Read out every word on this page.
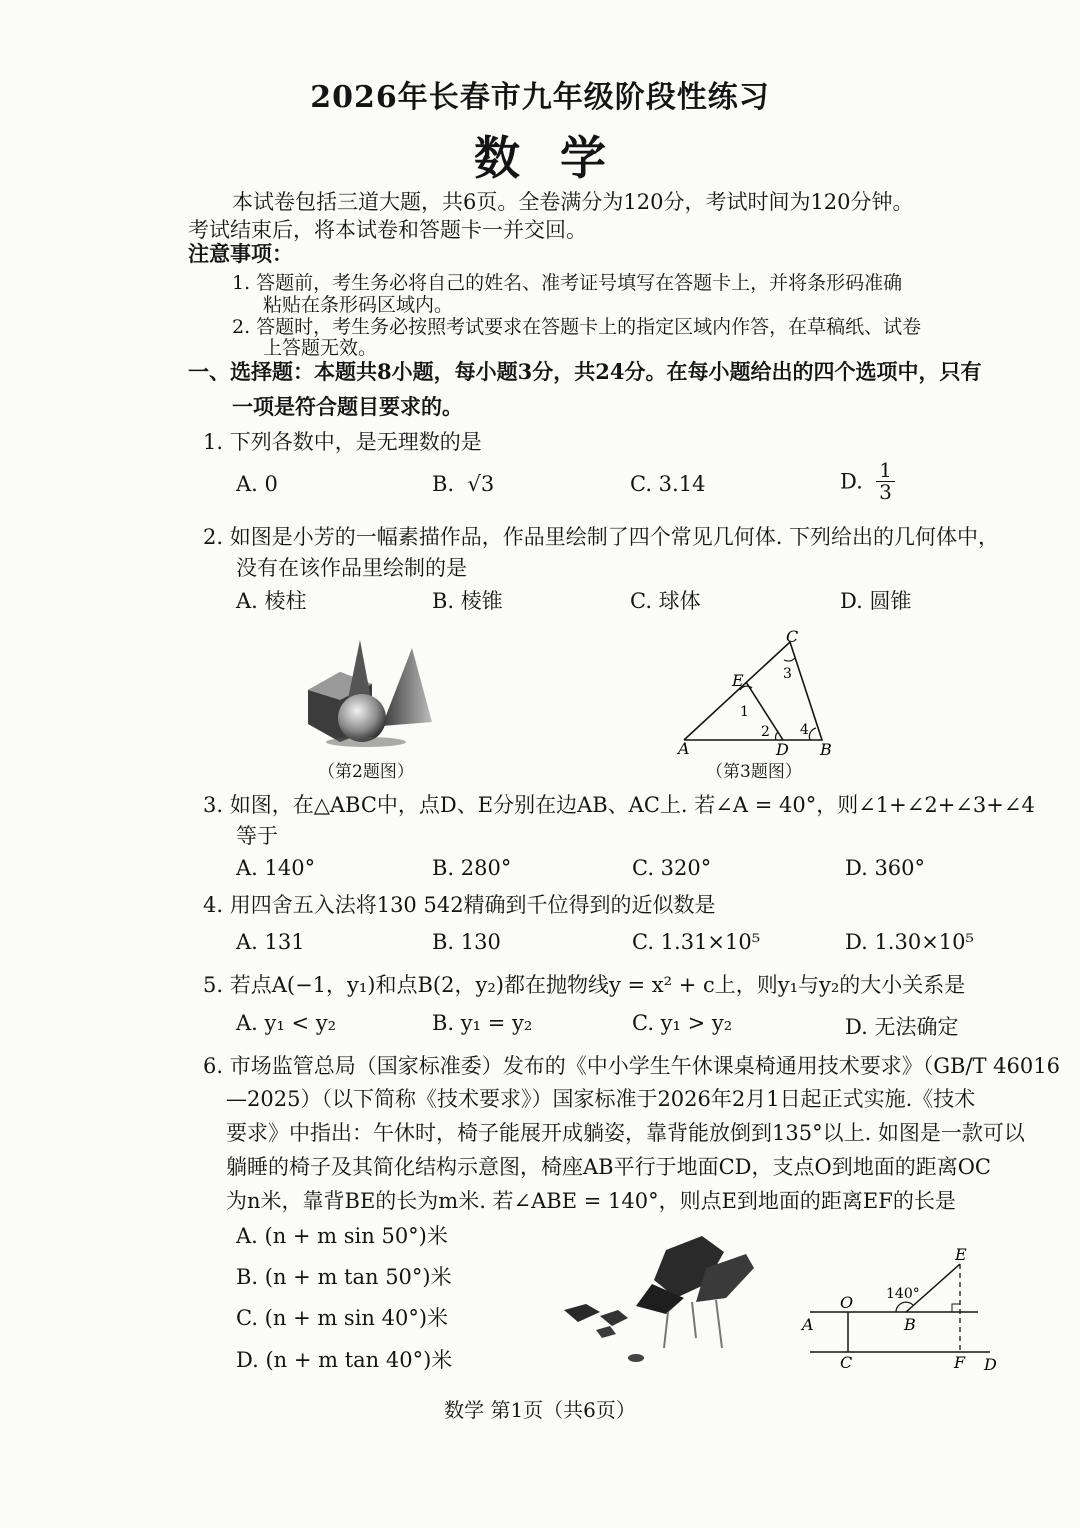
2026年长春市九年级阶段性练习
数学
本试卷包括三道大题，共6页。全卷满分为120分，考试时间为120分钟。
考试结束后，将本试卷和答题卡一并交回。
注意事项：
1. 答题前，考生务必将自己的姓名、准考证号填写在答题卡上，并将条形码准确
粘贴在条形码区域内。
2. 答题时，考生务必按照考试要求在答题卡上的指定区域内作答，在草稿纸、试卷
上答题无效。
一、选择题：本题共8小题，每小题3分，共24分。在每小题给出的四个选项中，只有
一项是符合题目要求的。
1. 下列各数中，是无理数的是
A. 0	B. √3	C. 3.14	D. $\frac{1}{3}$
2. 如图是小芳的一幅素描作品，作品里绘制了四个常见几何体. 下列给出的几何体中，
没有在该作品里绘制的是
A. 棱柱	B. 棱锥	C. 球体	D. 圆锥
（第2题图）
C
E
A	D B
1
2
3
4
（第3题图）
3. 如图，在△ABC中，点D、E分别在边AB、AC上. 若∠A = 40°，则∠1+∠2+∠3+∠4
等于
A. 140°	B. 280°	C. 320°	D. 360°
4. 用四舍五入法将130 542精确到千位得到的近似数是
A. 131	B. 130	C. 1.31×10⁵	D. 1.30×10⁵
5. 若点A(−1，y₁)和点B(2，y₂)都在抛物线y = x² + c上，则y₁与y₂的大小关系是
A. y₁ < y₂	B. y₁ = y₂	C. y₁ > y₂	D. 无法确定
6. 市场监管总局（国家标准委）发布的《中小学生午休课桌椅通用技术要求》（GB/T 46016
—2025）（以下简称《技术要求》）国家标准于2026年2月1日起正式实施.《技术
要求》中指出：午休时，椅子能展开成躺姿，靠背能放倒到135°以上. 如图是一款可以
躺睡的椅子及其简化结构示意图，椅座AB平行于地面CD，支点O到地面的距离OC
为n米，靠背BE的长为m米. 若∠ABE = 140°，则点E到地面的距离EF的长是
A. (n + m sin 50°)米
B. (n + m tan 50°)米
C. (n + m sin 40°)米
D. (n + m tan 40°)米
E
O
A	B
C	F D
140°
数学 第1页（共6页）
